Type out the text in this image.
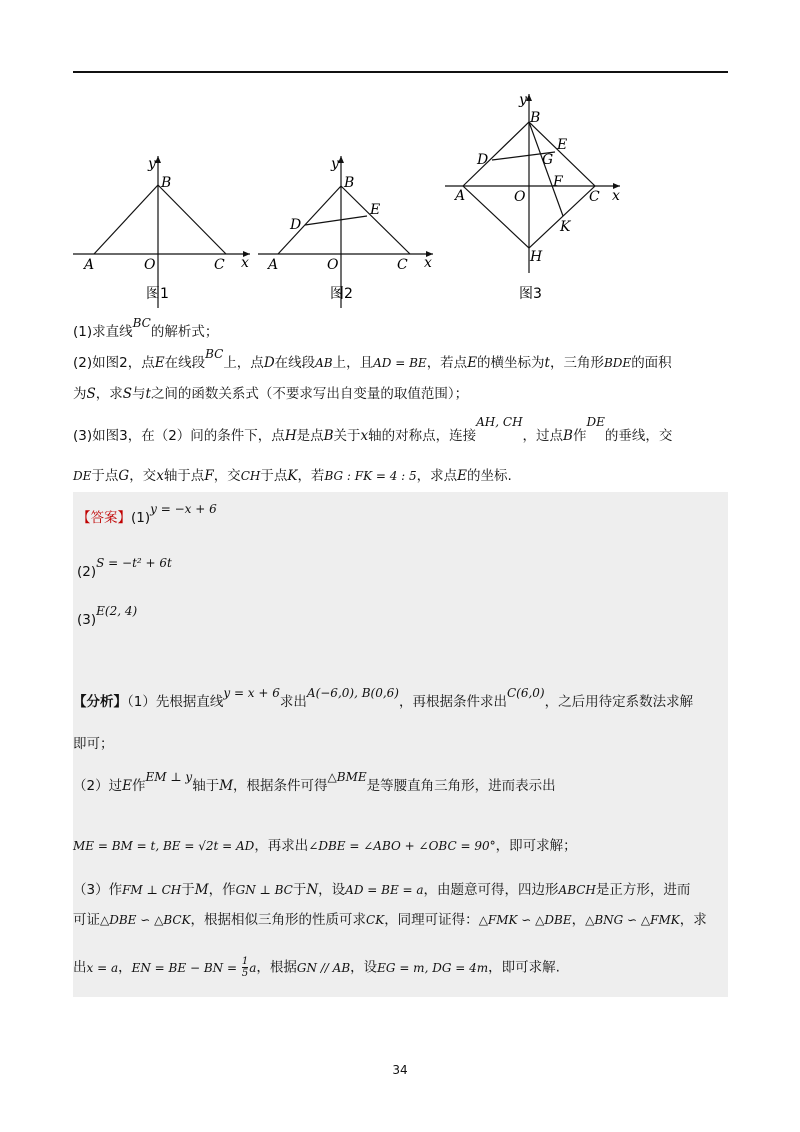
A	O
B
C x
y
图1
A	O
B
C
D
E
x
y
图2
A	O
B
C
D
E
G
F
K
H
x
y
图3
(1)求直线BC的解析式；
(2)如图2，点E在线段BC上，点D在线段AB上，且AD = BE，若点E的横坐标为t，三角形BDE的面积
为S，求S与t之间的函数关系式（不要求写出自变量的取值范围）；
(3)如图3，在（2）问的条件下，点H是点B关于x轴的对称点，连接AH, CH，过点B作DE的垂线，交
DE于点G，交x轴于点F，交CH于点K，若BG : FK = 4 : 5，求点E的坐标.
【答案】(1)y = −x + 6
(2)S = −t² + 6t
(3)E(2, 4)
【分析】（1）先根据直线y = x + 6求出A(−6,0), B(0,6)，再根据条件求出C(6,0)，之后用待定系数法求解
即可；
（2）过E作EM ⊥ y轴于M，根据条件可得△BME是等腰直角三角形，进而表示出
ME = BM = t, BE = √2t = AD，再求出∠DBE = ∠ABO + ∠OBC = 90°，即可求解；
（3）作FM ⊥ CH于M，作GN ⊥ BC于N，设AD = BE = a，由题意可得，四边形ABCH是正方形，进而
可证△DBE ∽ △BCK，根据相似三角形的性质可求CK，同理可证得：△FMK ∽ △DBE，△BNG ∽ △FMK，求
出x = a，EN = BE − BN = $\frac{1}{5}$ a，根据GN // AB，设EG = m, DG = 4m，即可求解.
34
